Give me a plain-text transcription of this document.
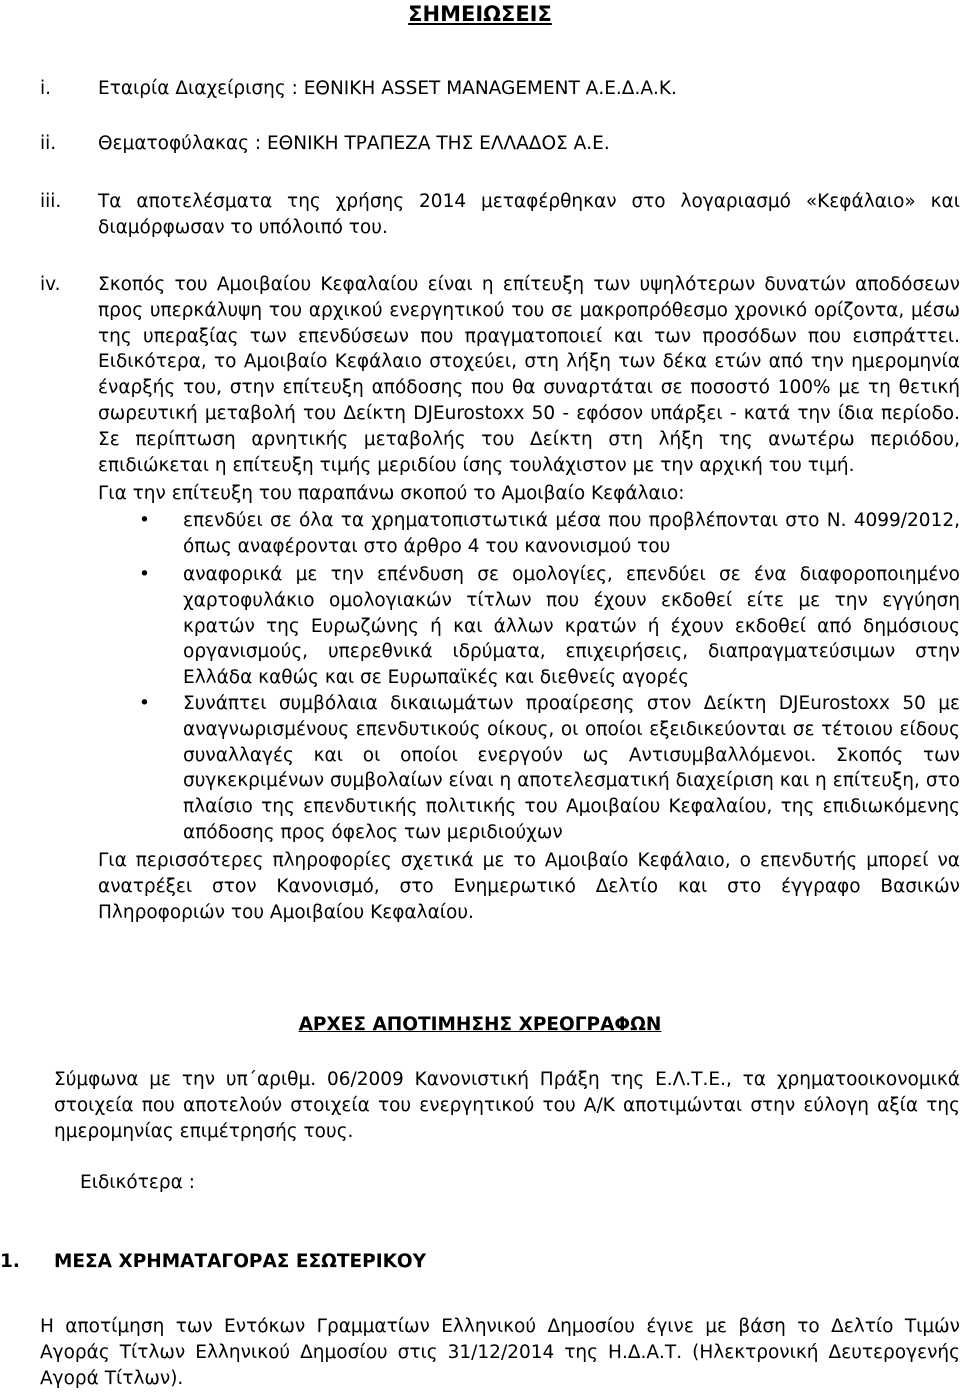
ΣΗΜΕΙΩΣΕΙΣ
i.	Εταιρία Διαχείρισης : ΕΘΝΙΚΗ ASSET MANAGEMENT Α.Ε.Δ.Α.Κ.
ii.	Θεματοφύλακας : ΕΘΝΙΚΗ ΤΡΑΠΕΖΑ ΤΗΣ ΕΛΛΑΔΟΣ Α.Ε.
iii.	Τα αποτελέσματα της χρήσης 2014 μεταφέρθηκαν στο λογαριασμό «Κεφάλαιο» και διαμόρφωσαν το υπόλοιπό του.
iv.	Σκοπός του Αμοιβαίου Κεφαλαίου είναι η επίτευξη των υψηλότερων δυνατών αποδόσεων προς υπερκάλυψη του αρχικού ενεργητικού του σε μακροπρόθεσμο χρονικό ορίζοντα, μέσω της υπεραξίας των επενδύσεων που πραγματοποιεί και των προσόδων που εισπράττει. Ειδικότερα, το Αμοιβαίο Κεφάλαιο στοχεύει, στη λήξη των δέκα ετών από την ημερομηνία έναρξής του, στην επίτευξη απόδοσης που θα συναρτάται σε ποσοστό 100% με τη θετική σωρευτική μεταβολή του Δείκτη DJEurostoxx 50 - εφόσον υπάρξει - κατά την ίδια περίοδο. Σε περίπτωση αρνητικής μεταβολής του Δείκτη στη λήξη της ανωτέρω περιόδου, επιδιώκεται η επίτευξη τιμής μεριδίου ίσης τουλάχιστον με την αρχική του τιμή.
Για την επίτευξη του παραπάνω σκοπού το Αμοιβαίο Κεφάλαιο:
• επενδύει σε όλα τα χρηματοπιστωτικά μέσα που προβλέπονται στο Ν. 4099/2012, όπως αναφέρονται στο άρθρο 4 του κανονισμού του
• αναφορικά με την επένδυση σε ομολογίες, επενδύει σε ένα διαφοροποιημένο χαρτοφυλάκιο ομολογιακών τίτλων που έχουν εκδοθεί είτε με την εγγύηση κρατών της Ευρωζώνης ή και άλλων κρατών ή έχουν εκδοθεί από δημόσιους οργανισμούς, υπερεθνικά ιδρύματα, επιχειρήσεις, διαπραγματεύσιμων στην Ελλάδα καθώς και σε Ευρωπαϊκές και διεθνείς αγορές
• Συνάπτει συμβόλαια δικαιωμάτων προαίρεσης στον Δείκτη DJEurostoxx 50 με αναγνωρισμένους επενδυτικούς οίκους, οι οποίοι εξειδικεύονται σε τέτοιου είδους συναλλαγές και οι οποίοι ενεργούν ως Αντισυμβαλλόμενοι. Σκοπός των συγκεκριμένων συμβολαίων είναι η αποτελεσματική διαχείριση και η επίτευξη, στο πλαίσιο της επενδυτικής πολιτικής του Αμοιβαίου Κεφαλαίου, της επιδιωκόμενης απόδοσης προς όφελος των μεριδιούχων
Για περισσότερες πληροφορίες σχετικά με το Αμοιβαίο Κεφάλαιο, ο επενδυτής μπορεί να ανατρέξει στον Κανονισμό, στο Ενημερωτικό Δελτίο και στο έγγραφο Βασικών Πληροφοριών του Αμοιβαίου Κεφαλαίου.
ΑΡΧΕΣ ΑΠΟΤΙΜΗΣΗΣ ΧΡΕΟΓΡΑΦΩΝ
Σύμφωνα με την υπ΄αριθμ. 06/2009 Κανονιστική Πράξη της Ε.Λ.Τ.Ε., τα χρηματοοικονομικά στοιχεία που αποτελούν στοιχεία του ενεργητικού του Α/Κ αποτιμώνται στην εύλογη αξία της ημερομηνίας επιμέτρησής τους.
Ειδικότερα :
1. ΜΕΣΑ ΧΡΗΜΑΤΑΓΟΡΑΣ ΕΣΩΤΕΡΙΚΟΥ
Η αποτίμηση των Εντόκων Γραμματίων Ελληνικού Δημοσίου έγινε με βάση το Δελτίο Τιμών Αγοράς Τίτλων Ελληνικού Δημοσίου στις 31/12/2014 της Η.Δ.Α.Τ. (Ηλεκτρονική Δευτερογενής Αγορά Τίτλων).
